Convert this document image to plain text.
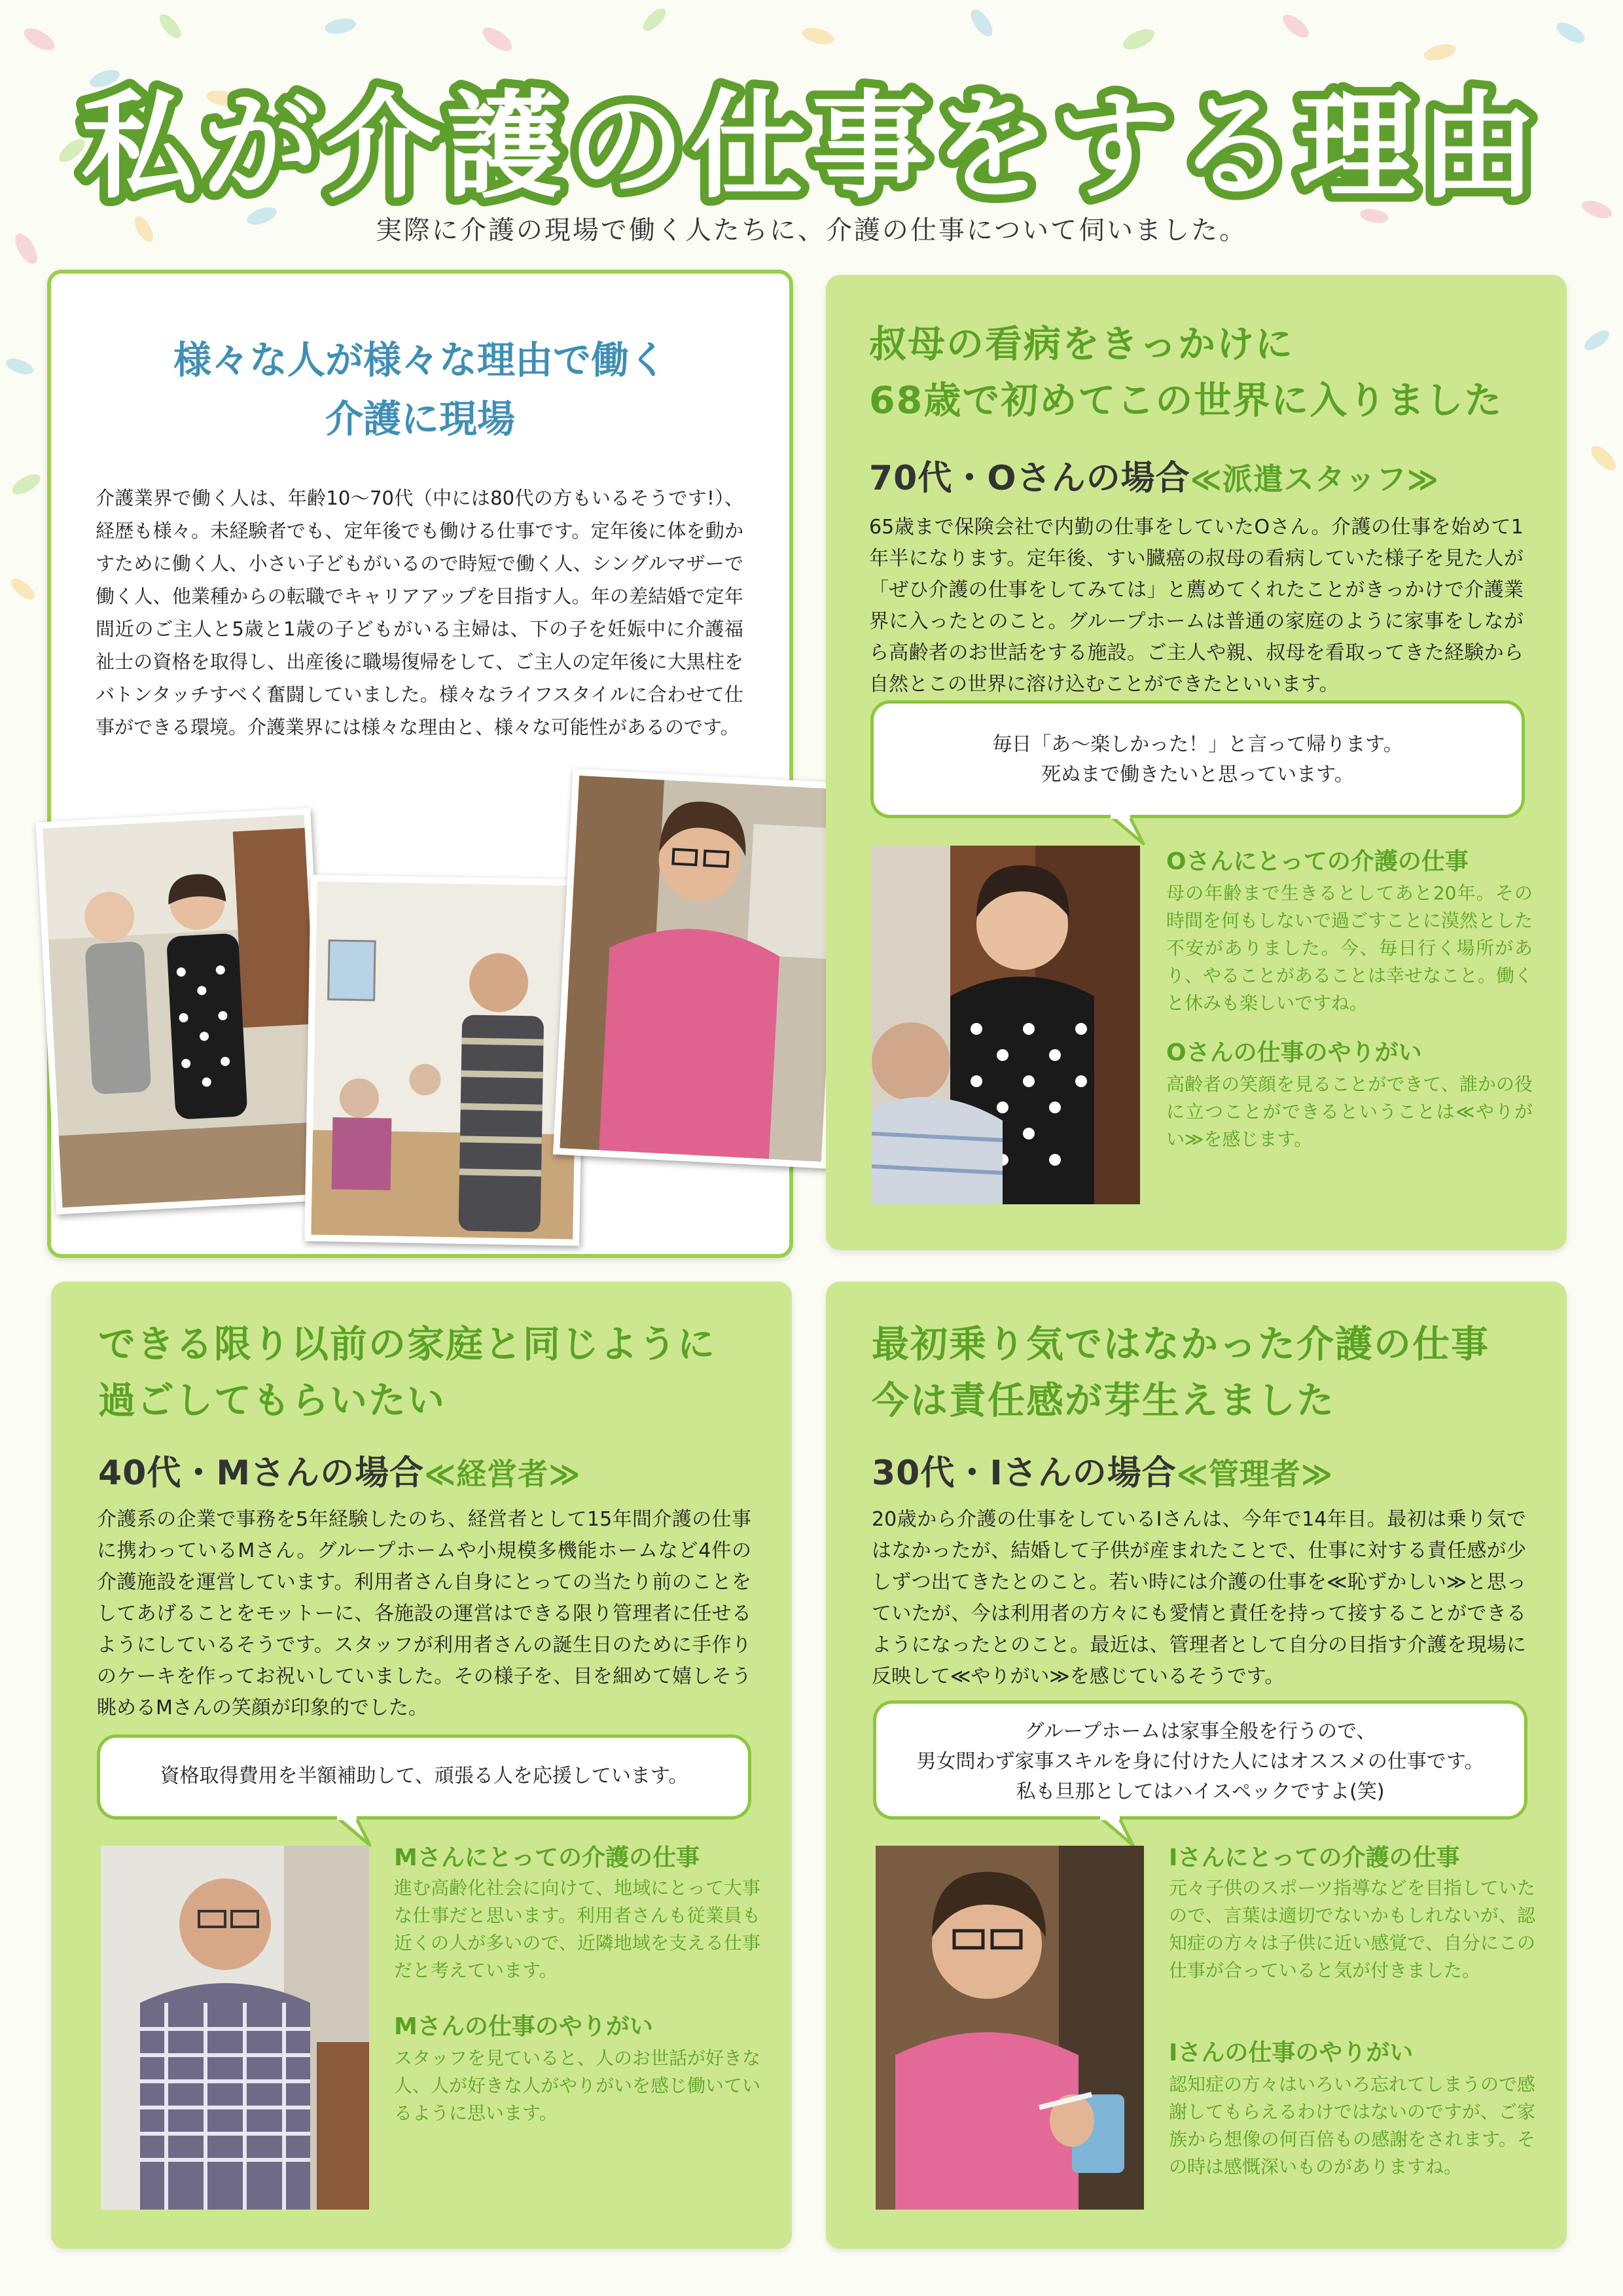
私が介護の仕事をする理由
実際に介護の現場で働く人たちに、介護の仕事について伺いました。
様々な人が様々な理由で働く
介護に現場
介護業界で働く人は、年齢10〜70代（中には80代の方もいるそうです!）、経歴も様々。未経験者でも、定年後でも働ける仕事です。定年後に体を動かすために働く人、小さい子どもがいるので時短で働く人、シングルマザーで働く人、他業種からの転職でキャリアアップを目指す人。年の差結婚で定年間近のご主人と5歳と1歳の子どもがいる主婦は、下の子を妊娠中に介護福祉士の資格を取得し、出産後に職場復帰をして、ご主人の定年後に大黒柱をバトンタッチすべく奮闘していました。様々なライフスタイルに合わせて仕事ができる環境。介護業界には様々な理由と、様々な可能性があるのです。
叔母の看病をきっかけに
68歳で初めてこの世界に入りました
70代・Oさんの場合≪派遣スタッフ≫
65歳まで保険会社で内勤の仕事をしていたOさん。介護の仕事を始めて1年半になります。定年後、すい臓癌の叔母の看病していた様子を見た人が「ぜひ介護の仕事をしてみては」と薦めてくれたことがきっかけで介護業界に入ったとのこと。グループホームは普通の家庭のように家事をしながら高齢者のお世話をする施設。ご主人や親、叔母を看取ってきた経験から自然とこの世界に溶け込むことができたといいます。
毎日「あ～楽しかった！」と言って帰ります。
死ぬまで働きたいと思っています。
Oさんにとっての介護の仕事
母の年齢まで生きるとしてあと20年。その時間を何もしないで過ごすことに漠然とした不安がありました。今、毎日行く場所があり、やることがあることは幸せなこと。働くと休みも楽しいですね。
Oさんの仕事のやりがい
高齢者の笑顔を見ることができて、誰かの役に立つことができるということは≪やりがい≫を感じます。
できる限り以前の家庭と同じように
過ごしてもらいたい
40代・Mさんの場合≪経営者≫
介護系の企業で事務を5年経験したのち、経営者として15年間介護の仕事に携わっているMさん。グループホームや小規模多機能ホームなど4件の介護施設を運営しています。利用者さん自身にとっての当たり前のことをしてあげることをモットーに、各施設の運営はできる限り管理者に任せるようにしているそうです。スタッフが利用者さんの誕生日のために手作りのケーキを作ってお祝いしていました。その様子を、目を細めて嬉しそう眺めるMさんの笑顔が印象的でした。
資格取得費用を半額補助して、頑張る人を応援しています。
Mさんにとっての介護の仕事
進む高齢化社会に向けて、地域にとって大事な仕事だと思います。利用者さんも従業員も近くの人が多いので、近隣地域を支える仕事だと考えています。
Mさんの仕事のやりがい
スタッフを見ていると、人のお世話が好きな人、人が好きな人がやりがいを感じ働いているように思います。
最初乗り気ではなかった介護の仕事
今は責任感が芽生えました
30代・Iさんの場合≪管理者≫
20歳から介護の仕事をしているIさんは、今年で14年目。最初は乗り気ではなかったが、結婚して子供が産まれたことで、仕事に対する責任感が少しずつ出てきたとのこと。若い時には介護の仕事を≪恥ずかしい≫と思っていたが、今は利用者の方々にも愛情と責任を持って接することができるようになったとのこと。最近は、管理者として自分の目指す介護を現場に反映して≪やりがい≫を感じているそうです。
グループホームは家事全般を行うので、
男女問わず家事スキルを身に付けた人にはオススメの仕事です。
私も旦那としてはハイスペックですよ(笑)
Iさんにとっての介護の仕事
元々子供のスポーツ指導などを目指していたので、言葉は適切でないかもしれないが、認知症の方々は子供に近い感覚で、自分にこの仕事が合っていると気が付きました。
Iさんの仕事のやりがい
認知症の方々はいろいろ忘れてしまうので感謝してもらえるわけではないのですが、ご家族から想像の何百倍もの感謝をされます。その時は感慨深いものがありますね。
